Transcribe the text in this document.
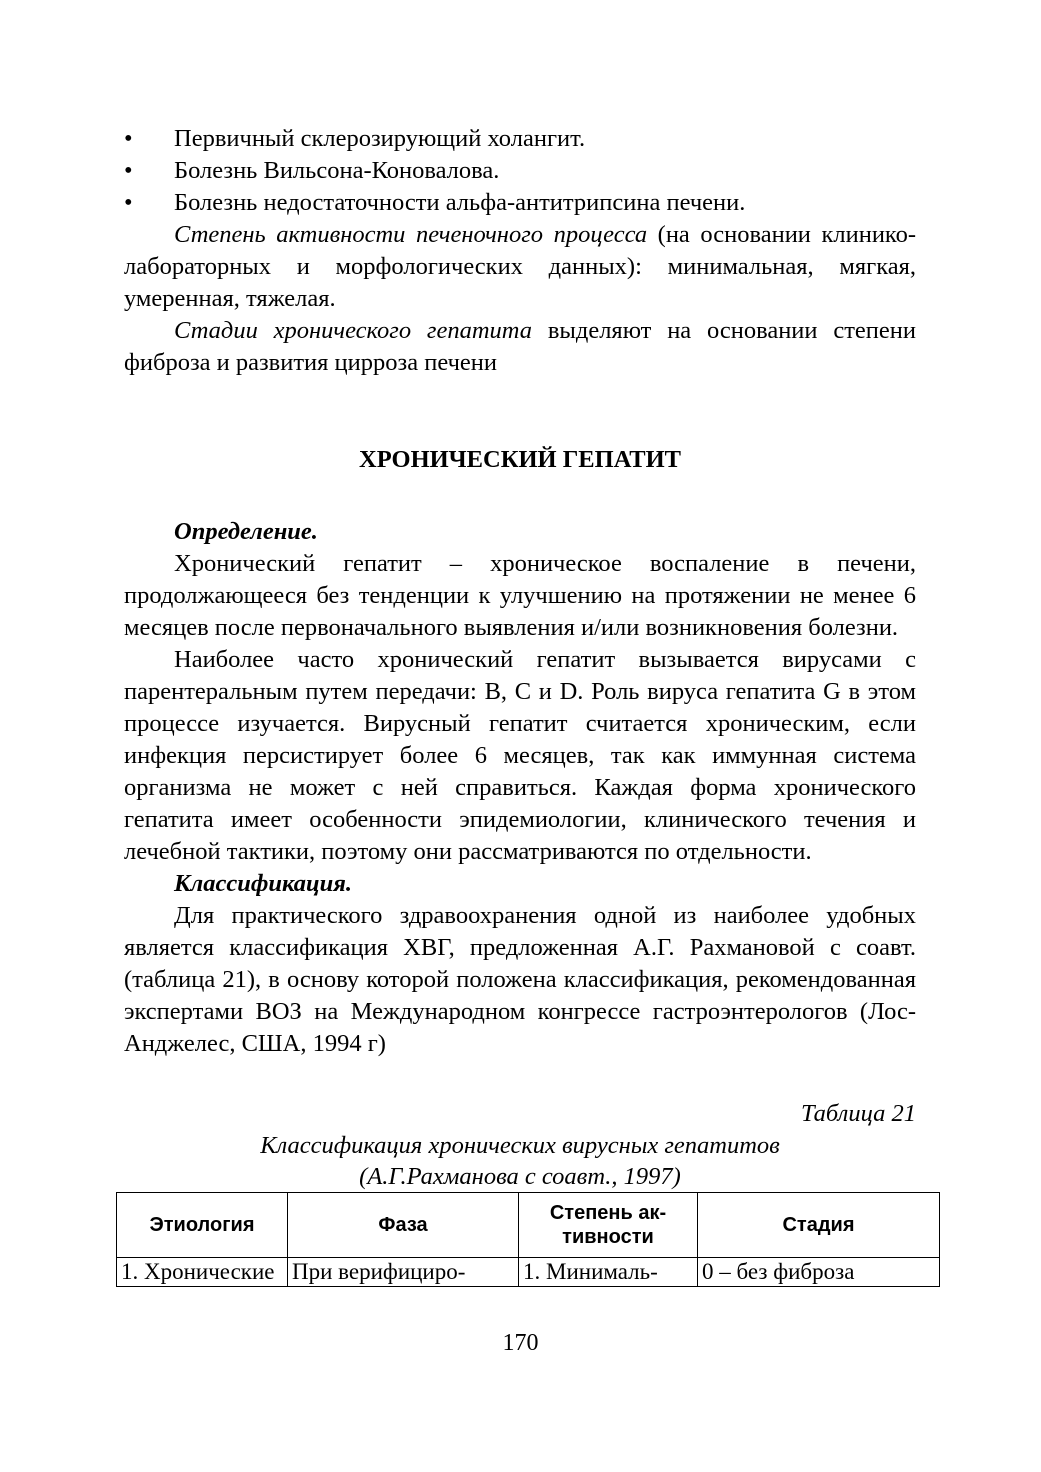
• Первичный склерозирующий холангит.
• Болезнь Вильсона-Коновалова.
• Болезнь недостаточности альфа-антитрипсина печени.

Степень активности печеночного процесса (на основании клинико-лабораторных и морфологических данных): минимальная, мягкая, умеренная, тяжелая.

Стадии хронического гепатита выделяют на основании степени фиброза и развития цирроза печени

ХРОНИЧЕСКИЙ ГЕПАТИТ
Определение.

Хронический гепатит – хроническое воспаление в печени, продолжающееся без тенденции к улучшению на протяжении не менее 6 месяцев после первоначального выявления и/или возникновения болезни.

Наиболее часто хронический гепатит вызывается вирусами с парентеральным путем передачи: B, C и D. Роль вируса гепатита G в этом процессе изучается. Вирусный гепатит считается хроническим, если инфекция персистирует более 6 месяцев, так как иммунная система организма не может с ней справиться. Каждая форма хронического гепатита имеет особенности эпидемиологии, клинического течения и лечебной тактики, поэтому они рассматриваются по отдельности.

Классификация.

Для практического здравоохранения одной из наиболее удобных является классификация ХВГ, предложенная А.Г. Рахмановой с соавт. (таблица 21), в основу которой положена классификация, рекомендованная экспертами ВОЗ на Международном конгрессе гастроэнтерологов (Лос-Анджелес, США, 1994 г)

Таблица 21
Классификация хронических вирусных гепатитов
(А.Г.Рахманова с соавт., 1997)
Этиология	Фаза	Степень ак-тивности	Стадия
1. Хронические	При верифициро-	1. Минималь-	0 – без фиброза
170
